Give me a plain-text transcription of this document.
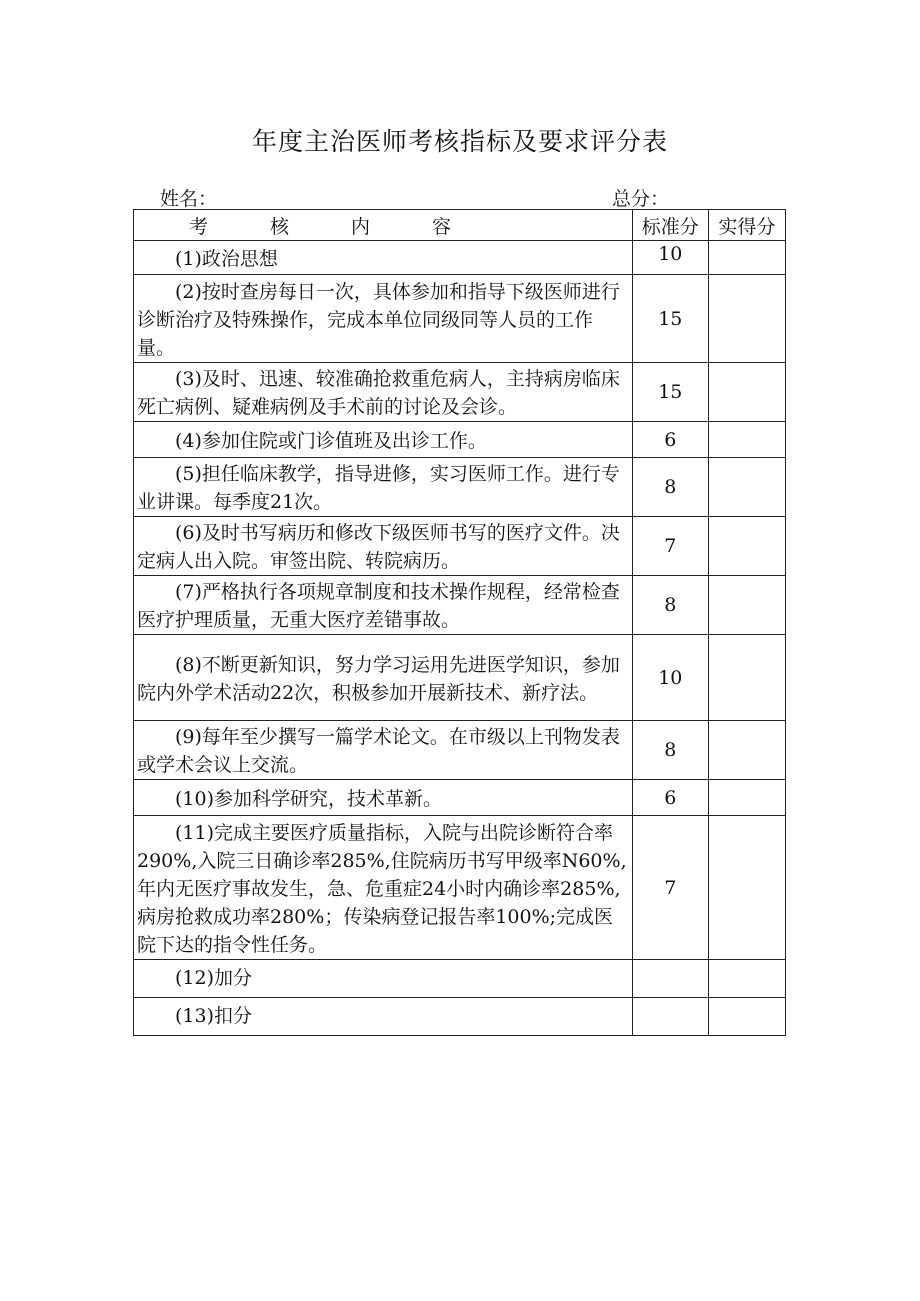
年度主治医师考核指标及要求评分表
姓名：	总分：
考核内容	标准分	实得分
(1)政治思想	10	
(2)按时查房每日一次，具体参加和指导下级医师进行诊断治疗及特殊操作，完成本单位同级同等人员的工作量。	15	
(3)及时、迅速、较准确抢救重危病人，主持病房临床死亡病例、疑难病例及手术前的讨论及会诊。	15	
(4)参加住院或门诊值班及出诊工作。	6	
(5)担任临床教学，指导进修，实习医师工作。进行专业讲课。每季度21次。	8	
(6)及时书写病历和修改下级医师书写的医疗文件。决定病人出入院。审签出院、转院病历。	7	
(7)严格执行各项规章制度和技术操作规程，经常检查医疗护理质量，无重大医疗差错事故。	8	
(8)不断更新知识，努力学习运用先进医学知识，参加院内外学术活动22次，积极参加开展新技术、新疗法。	10	
(9)每年至少撰写一篇学术论文。在市级以上刊物发表或学术会议上交流。	8	
(10)参加科学研究，技术革新。	6	
(11)完成主要医疗质量指标，入院与出院诊断符合率290%,入院三日确诊率285%,住院病历书写甲级率N60%,年内无医疗事故发生，急、危重症24小时内确诊率285%,病房抢救成功率280%；传染病登记报告率100%;完成医院下达的指令性任务。	7	
(12)加分		
(13)扣分		
